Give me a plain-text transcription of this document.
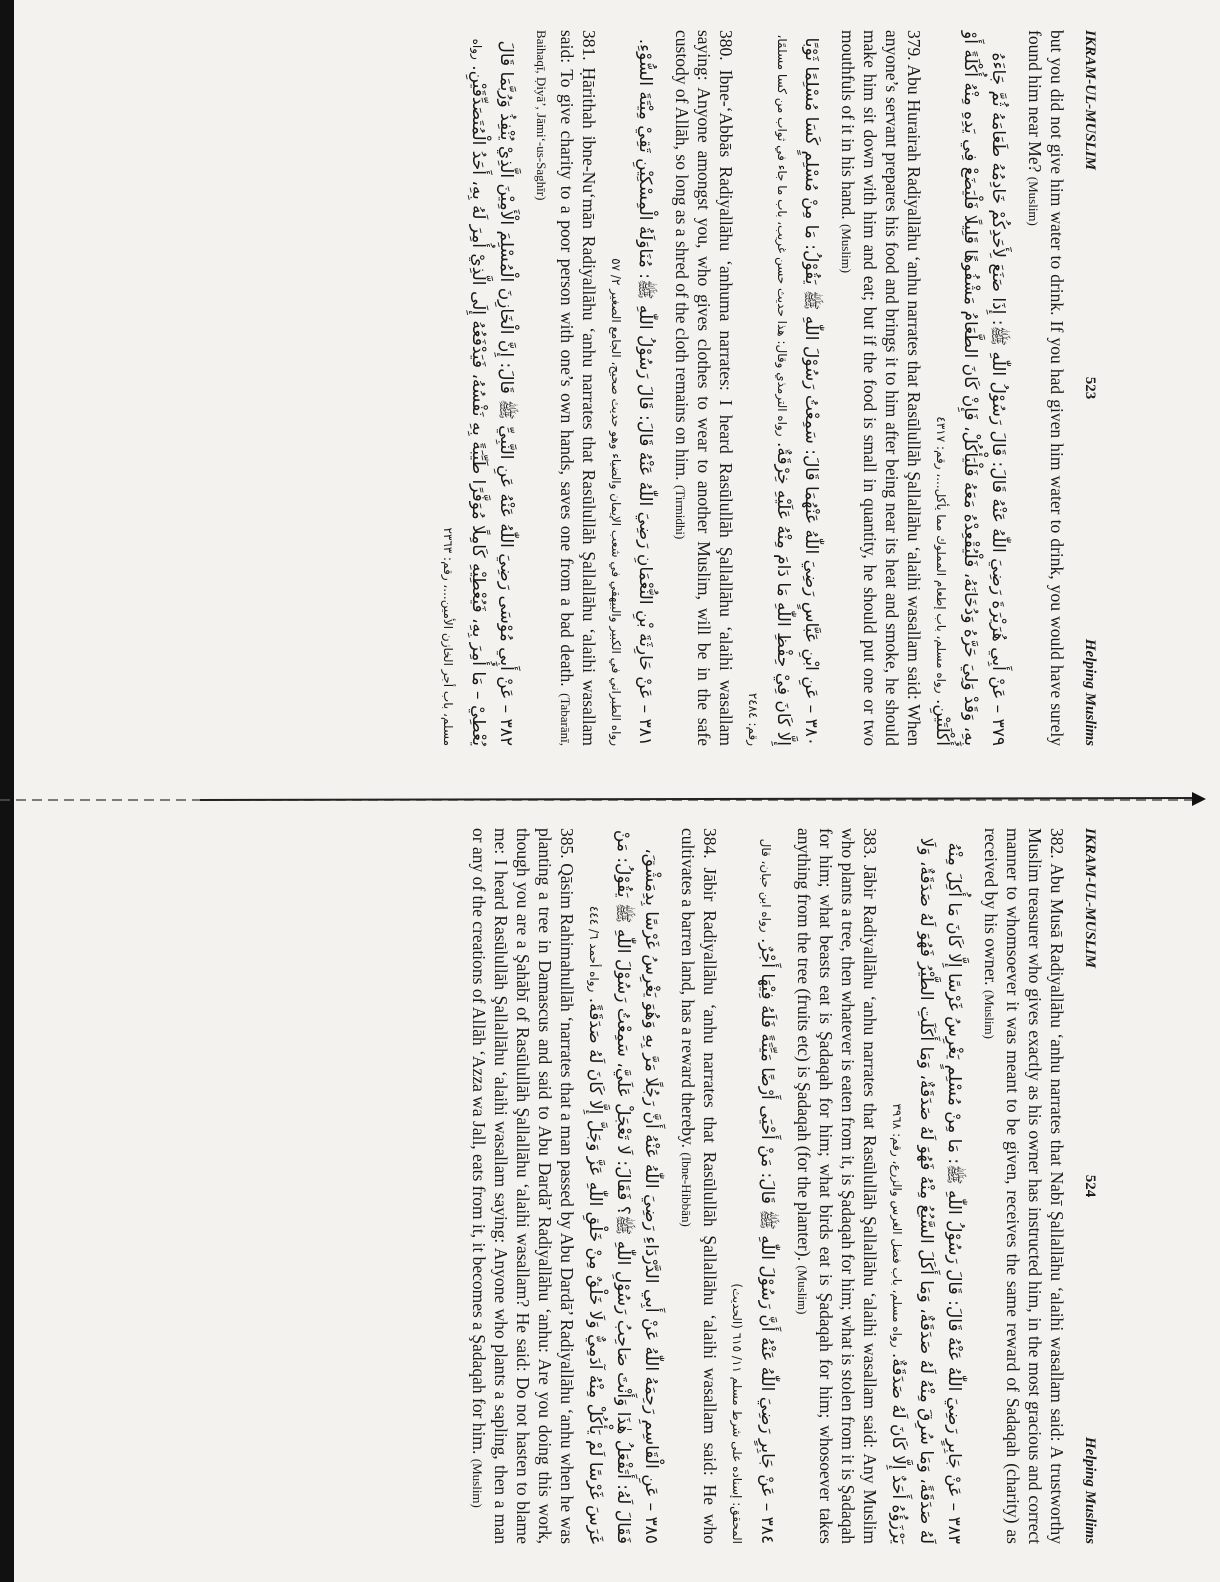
IKRAM-UL-MUSLIM
523
Helping Muslims

but you did not give him water to drink. If you had given him water to drink, you would have surely found him near Me? (Muslim)

٣٧٩ – عَنْ أَبِي هُرَيْرَةَ رَضِيَ اللّٰهُ عَنْهُ قَالَ: قَالَ رَسُوْلُ اللّٰهِ ﷺ: إِذَا صَنَعَ لِأَحَدِكُمْ خَادِمُهُ طَعَامَهُ ثُمَّ جَاءَهُ بِهِ، وَقَدْ وَلِيَ حَرَّهُ وَدُخَانَهُ، فَلْيُقْعِدْهُ مَعَهُ فَلْيَأْكُلْ، فَإِنْ كَانَ الطَّعَامُ مَشْفُوهًا قَلِيلًا فَلْيَضَعْ فِي يَدِهِ مِنْهُ أُكْلَةً أَوْ أُكْلَتَيْنِ. رواه مسلم، باب إطعام المملوك مما يأكل...، رقم: ٤٣١٧

379. Abu Hurairah Radiyallāhu ‘anhu narrates that Rasūlullāh Şallallāhu ‘alaihi wasallam said: When anyone’s servant prepares his food and brings it to him after being near its heat and smoke, he should make him sit down with him and eat; but if the food is small in quantity, he should put one or two mouthfuls of it in his hand. (Muslim)

٣٨٠ – عَنِ ابْنِ عَبَّاسٍ رَضِيَ اللّٰهُ عَنْهُمَا قَالَ: سَمِعْتُ رَسُوْلَ اللّٰهِ ﷺ يَقُوْلُ: مَا مِنْ مُسْلِمٍ كَسَا مُسْلِمًا ثَوْبًا إِلَّا كَانَ فِيْ حِفْظِ اللّٰهِ مَا دَامَ مِنْهُ عَلَيْهِ خِرْقَةٌ. رواه الترمذي وقال: هذا حديث حسن غريب، باب ما جاء في ثواب من كسا مسلمًا، رقم: ٢٤٨٤

380. Ibne-‘Abbās Radiyallāhu ‘anhuma narrates: I heard Rasūlullāh Şallallāhu ‘alaihi wasallam saying: Anyone amongst you, who gives clothes to wear to another Muslim, will be in the safe custody of Allāh, so long as a shred of the cloth remains on him. (Tirmidhi)

٣٨١ – عَنْ حَارِثَةَ بْنِ النُّعْمَانِ رَضِيَ اللّٰهُ عَنْهُ قَالَ: قَالَ رَسُوْلُ اللّٰهِ ﷺ: مُنَاوَلَةُ الْمِسْكِيْنِ تَقِيْ مِيْتَةَ السُّوْءِ. رواه الطبراني في الكبير والبيهقي في شعب الإيمان والضياء وهو حديث صحيح، الجامع الصغير ٢/ ٥٧

381. Ḥārithah ibne-Nu‘mān Radiyallāhu ‘anhu narrates that Rasūlullāh Şallallāhu ‘alaihi wasallam said: To give charity to a poor person with one’s own hands, saves one from a bad death. (Tabarānī, Baihaqī, Ḍiyā’, Jāmi‘-us-Saghīr)

٣٨٢ – عَنْ أَبِي مُوْسَى رَضِيَ اللّٰهُ عَنْهُ عَنِ النَّبِيِّ ﷺ قَالَ: إِنَّ الْخَازِنَ الْمُسْلِمَ الْأَمِيْنَ الَّذِيْ يُنْفِذُ وَرُبَّمَا قَالَ يُعْطِيْ – مَا أُمِرَ بِهِ، فَيُعْطِيْهِ كَامِلًا مُوَفَّرًا طَيِّبَةً بِهِ نَفْسُهُ، فَيَدْفَعُهُ إِلَى الَّذِيْ أُمِرَ لَهُ بِهِ، أَحَدُ الْمُتَصَدِّقَيْنِ. رواه مسلم، باب أجر الخازن الأمين...، رقم: ٢٣٦٣

IKRAM-UL-MUSLIM
524
Helping Muslims

382. Abu Musā Radiyallāhu ‘anhu narrates that Nabī Şallallāhu ‘alaihi wasallam said: A trustworthy Muslim treasurer who gives exactly as his owner has instructed him, in the most gracious and correct manner to whomsoever it was meant to be given, receives the same reward of Sadaqah (charity) as received by his owner. (Muslim)

٣٨٣ – عَنْ جَابِرٍ رَضِيَ اللّٰهُ عَنْهُ قَالَ: قَالَ رَسُوْلُ اللّٰهِ ﷺ: مَا مِنْ مُسْلِمٍ يَغْرِسُ غَرْسًا إِلَّا كَانَ مَا أُكِلَ مِنْهُ لَهُ صَدَقَةً، وَمَا سُرِقَ مِنْهُ لَهُ صَدَقَةٌ، وَمَا أَكَلَ السَّبُعُ مِنْهُ فَهُوَ لَهُ صَدَقَةٌ، وَمَا أَكَلَتِ الطَّيْرُ فَهُوَ لَهُ صَدَقَةٌ، وَلَا يَرْزَؤُهُ أَحَدٌ إِلَّا كَانَ لَهُ صَدَقَةٌ. رواه مسلم، باب فضل الغرس والزرع، رقم: ٣٩٦٨

383. Jābir Radiyallāhu ‘anhu narrates that Rasūlullāh Şallallāhu ‘alaihi wasallam said: Any Muslim who plants a tree, then whatever is eaten from it, is Şadaqah for him; what is stolen from it is Şadaqah for him; what beasts eat is Şadaqah for him; what birds eat is Şadaqah for him; whosoever takes anything from the tree (fruits etc) is Şadaqah (for the planter). (Muslim)

٣٨٤ – عَنْ جَابِرٍ رَضِيَ اللّٰهُ عَنْهُ أَنَّ رَسُوْلَ اللّٰهِ ﷺ قَالَ: مَنْ أَحْيَى أَرْضًا مَيِّتَةً فَلَهُ فِيْهَا أَجْرٌ. رواه ابن حبان، قال المحقق: إسناده على شرط مسلم ١١/ ٦١٥ (الحديث)

384. Jābir Radiyallāhu ‘anhu narrates that Rasūlullāh Şallallāhu ‘alaihi wasallam said: He who cultivates a barren land, has a reward thereby. (Ibne-Hibbān)

٣٨٥ – عَنِ الْقَاسِمِ رَحِمَهُ اللّٰهُ عَنْ أَبِي الدَّرْدَاءِ رَضِيَ اللّٰهُ عَنْهُ أَنَّ رَجُلًا مَرَّ بِهِ وَهُوَ يَغْرِسُ غَرْسًا بِدِمَشْقَ، فَقَالَ لَهُ: أَتَفْعَلُ هٰذَا وَأَنْتَ صَاحِبُ رَسُوْلِ اللّٰهِ ﷺ؟ فَقَالَ: لَا تَعْجَلْ عَلَيَّ، سَمِعْتُ رَسُوْلَ اللّٰهِ ﷺ يَقُوْلُ: مَنْ غَرَسَ غَرْسًا لَمْ يَأْكُلْ مِنْهُ آدَمِيٌّ وَلَا خَلْقٌ مِنْ خَلْقِ اللّٰهِ عَزَّ وَجَلَّ إِلَّا كَانَ لَهُ صَدَقَةً. رواه أحمد ٦/ ٤٤٤

385. Qāsim Rahimahullāh ‘narrates that a man passed by Abu Dardā’ Radiyallāhu ‘anhu when he was planting a tree in Damascus and said to Abu Dardā’ Radiyallāhu ‘anhu: Are you doing this work, though you are a Şahābī of Rasūlullāh Şallallāhu ‘alaihi wasallam? He said: Do not hasten to blame me: I heard Rasūlullāh Şallallāhu ‘alaihi wasallam saying: Anyone who plants a sapling, then a man or any of the creations of Allāh ‘Azza wa Jall, eats from it, it becomes a Şadaqah for him. (Muslim)
